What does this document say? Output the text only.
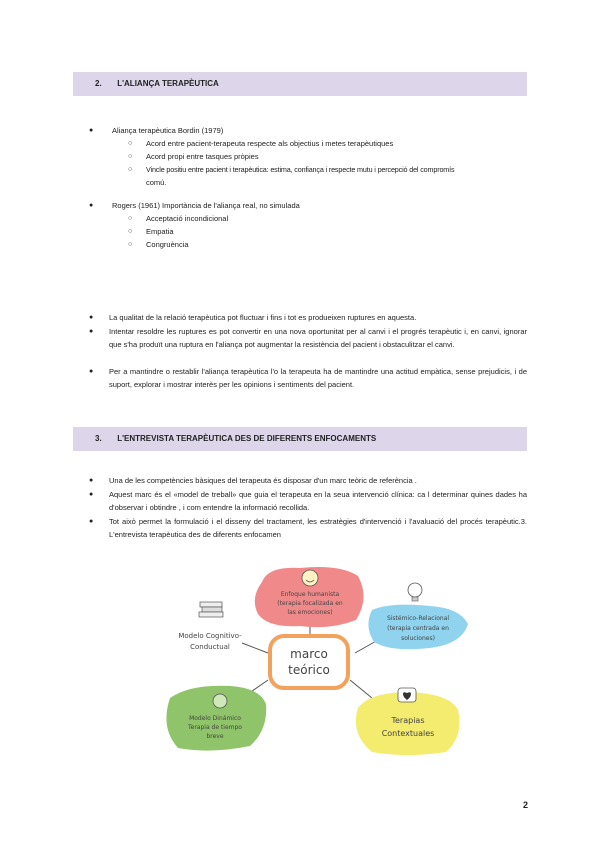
2. L'ALIANÇA TERAPÈUTICA
●	Aliança terapèutica Bordin (1979)
○ Acord entre pacient-terapeuta respecte als objectius i metes terapèutiques
○ Acord propi entre tasques pròpies
○ Vincle positiu entre pacient i terapèutica: estima, confiança i respecte mutu i percepció del compromís
comú.
●	Rogers (1961) Importància de l'aliança real, no simulada
○ Acceptació incondicional
○ Empatia
○ Congruència
● La qualitat de la relació terapèutica pot fluctuar i fins i tot es produeixen ruptures en aquesta.
● Intentar resoldre les ruptures es pot convertir en una nova oportunitat per al canvi i el progrés terapèutic i, en canvi, ignorar que s'ha produït una ruptura en l'aliança pot augmentar la resistència del pacient i obstaculitzar el canvi.
● Per a mantindre o restablir l'aliança terapèutica l'o la terapeuta ha de mantindre una actitud empàtica, sense prejudicis, i de suport, explorar i mostrar interès per les opinions i sentiments del pacient.
3. L'ENTREVISTA TERAPÈUTICA DES DE DIFERENTS ENFOCAMENTS
● Una de les competències bàsiques del terapeuta és disposar d'un marc teòric de referència .
● Aquest marc és el «model de treball» que guia el terapeuta en la seua intervenció clínica: ca l determinar quines dades ha d'observar i obtindre , i com entendre la informació recollida.
● Tot això permet la formulació i el disseny del tractament, les estratègies d'intervenció i l'avaluació del procés terapèutic.3. L'entrevista terapèutica des de diferents enfocamen
Enfoque humanista
(terapia focalizada en
las emociones)
Modelo Cognitivo-
Conductual
Sistémico-Relacional
(terapia centrada en
soluciones)
marco
teórico
Modelo Dinámico
Terapia de tiempo
breve
Terapias
Contextuales
2
